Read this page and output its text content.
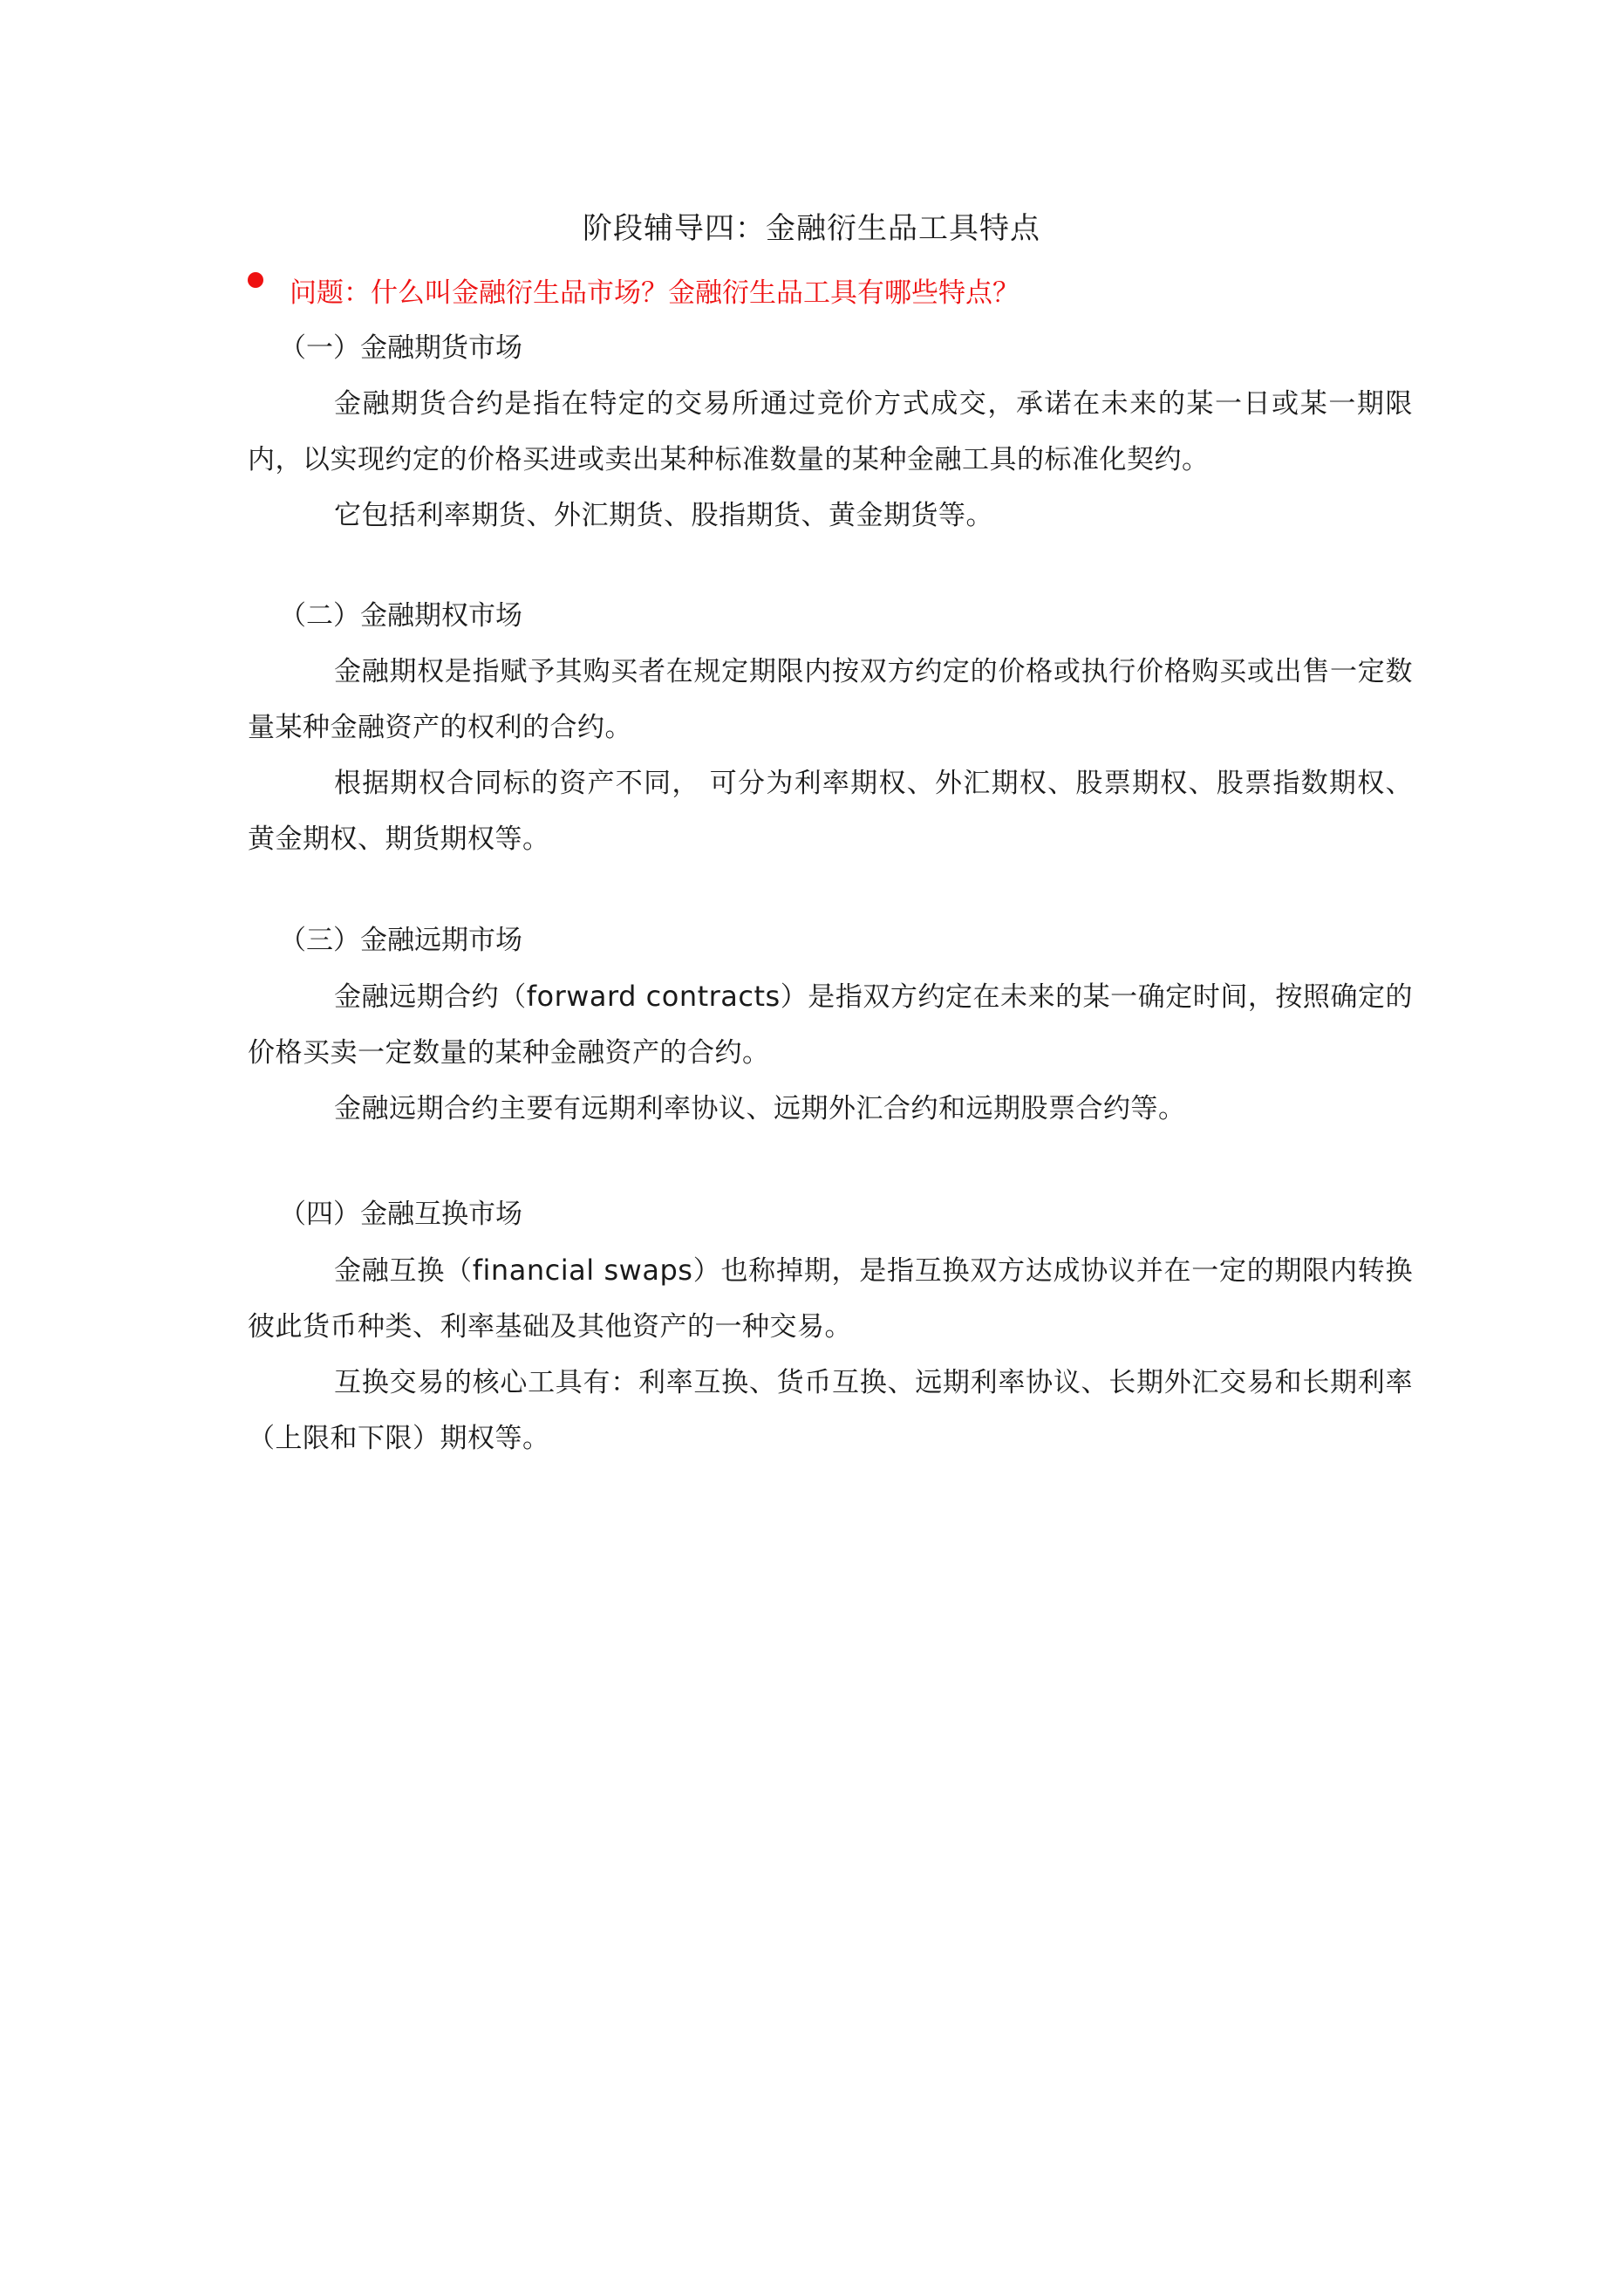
阶段辅导四：金融衍生品工具特点
问题：什么叫金融衍生品市场？金融衍生品工具有哪些特点？
（一）金融期货市场
金融期货合约是指在特定的交易所通过竞价方式成交，承诺在未来的某一日或某一期限内，以实现约定的价格买进或卖出某种标准数量的某种金融工具的标准化契约。
它包括利率期货、外汇期货、股指期货、黄金期货等。
（二）金融期权市场
金融期权是指赋予其购买者在规定期限内按双方约定的价格或执行价格购买或出售一定数量某种金融资产的权利的合约。
根据期权合同标的资产不同， 可分为利率期权、外汇期权、股票期权、股票指数期权、 黄金期权、期货期权等。
（三）金融远期市场
金融远期合约（forward contracts）是指双方约定在未来的某一确定时间，按照确定的价格买卖一定数量的某种金融资产的合约。
金融远期合约主要有远期利率协议、远期外汇合约和远期股票合约等。
（四）金融互换市场
金融互换（financial swaps）也称掉期，是指互换双方达成协议并在一定的期限内转换彼此货币种类、利率基础及其他资产的一种交易。
互换交易的核心工具有：利率互换、货币互换、远期利率协议、长期外汇交易和长期利率（上限和下限）期权等。
